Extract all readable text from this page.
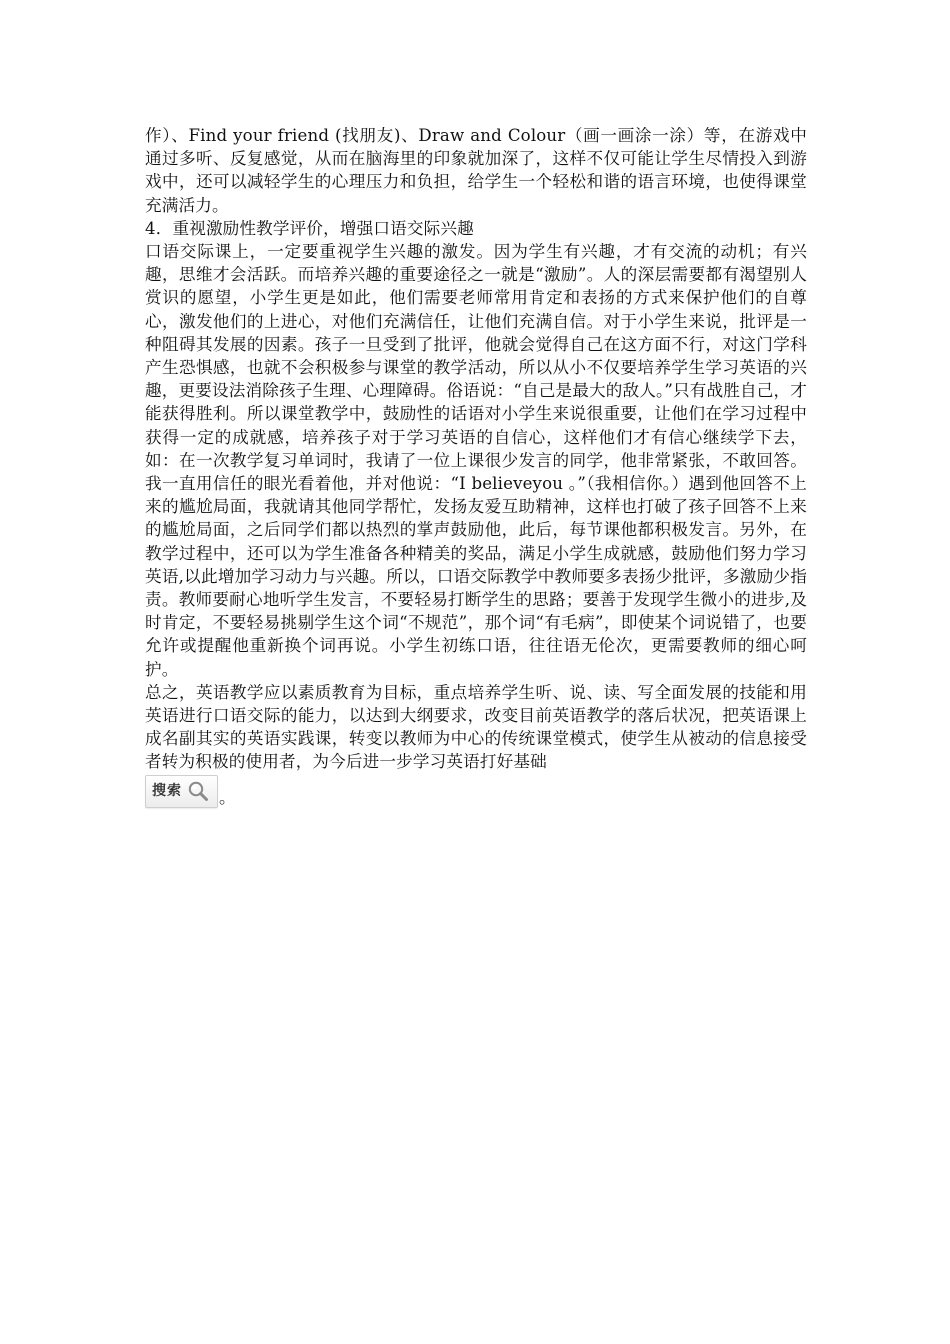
作）、Find your friend (找朋友)、Draw and Colour（画一画涂一涂）等，在游戏中通过多听、反复感觉，从而在脑海里的印象就加深了，这样不仅可能让学生尽情投入到游戏中，还可以减轻学生的心理压力和负担，给学生一个轻松和谐的语言环境，也使得课堂充满活力。

4．重视激励性教学评价，增强口语交际兴趣

口语交际课上，一定要重视学生兴趣的激发。因为学生有兴趣，才有交流的动机；有兴趣，思维才会活跃。而培养兴趣的重要途径之一就是“激励”。人的深层需要都有渴望别人赏识的愿望，小学生更是如此，他们需要老师常用肯定和表扬的方式来保护他们的自尊心，激发他们的上进心，对他们充满信任，让他们充满自信。对于小学生来说，批评是一种阻碍其发展的因素。孩子一旦受到了批评，他就会觉得自己在这方面不行，对这门学科产生恐惧感，也就不会积极参与课堂的教学活动，所以从小不仅要培养学生学习英语的兴趣，更要设法消除孩子生理、心理障碍。俗语说：“自己是最大的敌人。”只有战胜自己，才能获得胜利。所以课堂教学中，鼓励性的话语对小学生来说很重要，让他们在学习过程中获得一定的成就感，培养孩子对于学习英语的自信心，这样他们才有信心继续学下去，如：在一次教学复习单词时，我请了一位上课很少发言的同学，他非常紧张，不敢回答。我一直用信任的眼光看着他，并对他说：“I believeyou 。”（我相信你。）遇到他回答不上来的尴尬局面，我就请其他同学帮忙，发扬友爱互助精神，这样也打破了孩子回答不上来的尴尬局面，之后同学们都以热烈的掌声鼓励他，此后，每节课他都积极发言。另外，在教学过程中，还可以为学生准备各种精美的奖品，满足小学生成就感，鼓励他们努力学习英语,以此增加学习动力与兴趣。所以，口语交际教学中教师要多表扬少批评，多激励少指责。教师要耐心地听学生发言，不要轻易打断学生的思路；要善于发现学生微小的进步,及时肯定，不要轻易挑剔学生这个词“不规范”，那个词“有毛病”，即使某个词说错了，也要允许或提醒他重新换个词再说。小学生初练口语，往往语无伦次，更需要教师的细心呵护。

总之，英语教学应以素质教育为目标，重点培养学生听、说、读、写全面发展的技能和用英语进行口语交际的能力，以达到大纲要求，改变目前英语教学的落后状况，把英语课上成名副其实的英语实践课，转变以教师为中心的传统课堂模式，使学生从被动的信息接受者转为积极的使用者，为今后进一步学习英语打好基础

搜索 。
